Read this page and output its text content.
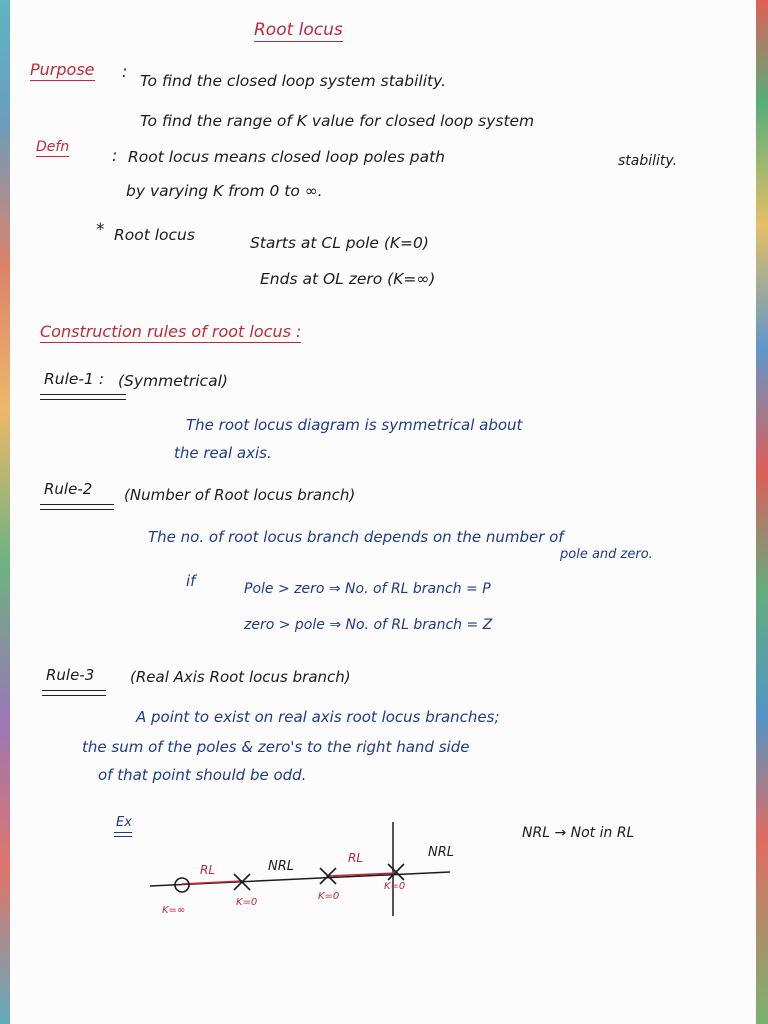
Root locus
Purpose : To find the closed loop system stability.
To find the range of K value for closed loop system
stability.
Defn	: Root locus means closed loop poles path
by varying K from 0 to ∞.
* Root locus	Starts at CL pole (K=0)
Ends at OL zero (K=∞)
Construction rules of root locus :
Rule-1 : (Symmetrical)
The root locus diagram is symmetrical about
the real axis.
Rule-2 (Number of Root locus branch)
The no. of root locus branch depends on the number of
pole and zero.
if	Pole > zero ⇒ No. of RL branch = P
zero > pole ⇒ No. of RL branch = Z
Rule-3 (Real Axis Root locus branch)
A point to exist on real axis root locus branches;
the sum of the poles & zero's to the right hand side
of that point should be odd.
Ex
NRL → Not in RL
RL	NRL
RL	NRL
K=∞
K=0
K=0
K=0
